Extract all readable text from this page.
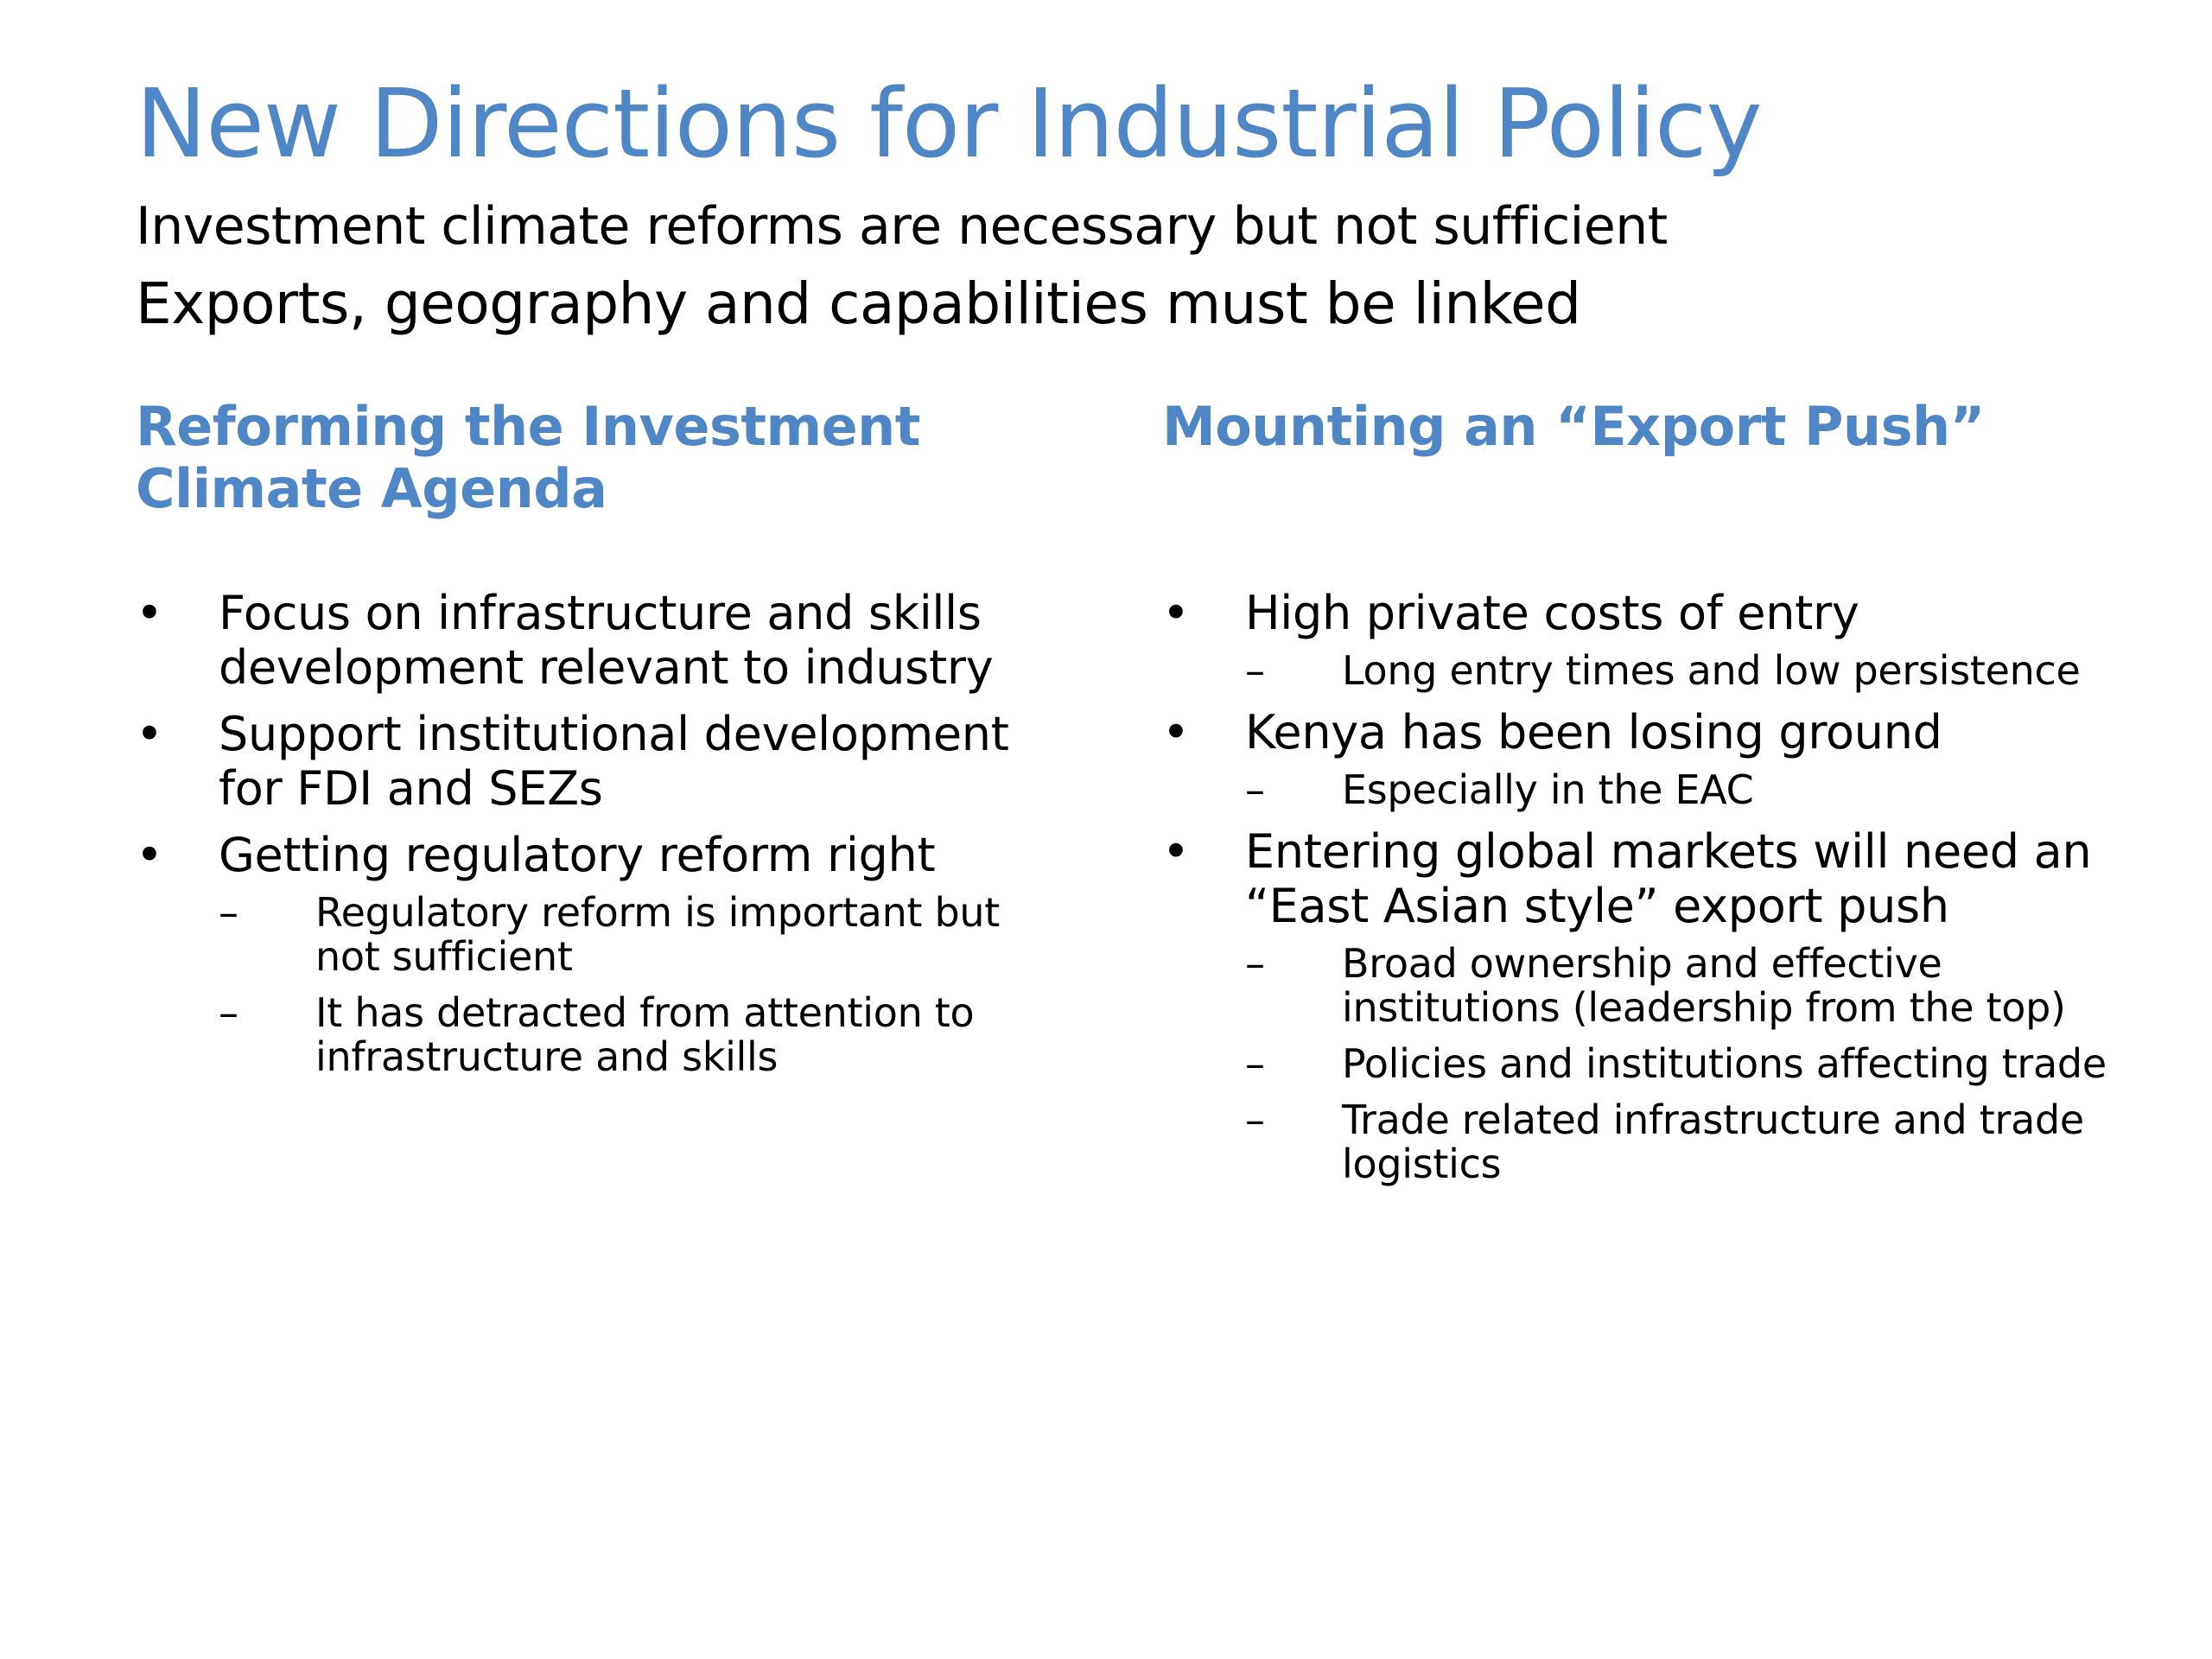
New Directions for Industrial Policy
Investment climate reforms are necessary but not sufficient
Exports, geography and capabilities must be linked
Reforming the Investment Climate Agenda
• Focus on infrastructure and skills development relevant to industry
• Support institutional development for FDI and SEZs
• Getting regulatory reform right
–	Regulatory reform is important but not sufficient
–	It has detracted from attention to infrastructure and skills
Mounting an “Export Push”
• High private costs of entry
–	Long entry times and low persistence
• Kenya has been losing ground
–	Especially in the EAC
• Entering global markets will need an “East Asian style” export push
–	Broad ownership and effective institutions (leadership from the top)
–	Policies and institutions affecting trade
–	Trade related infrastructure and trade logistics
